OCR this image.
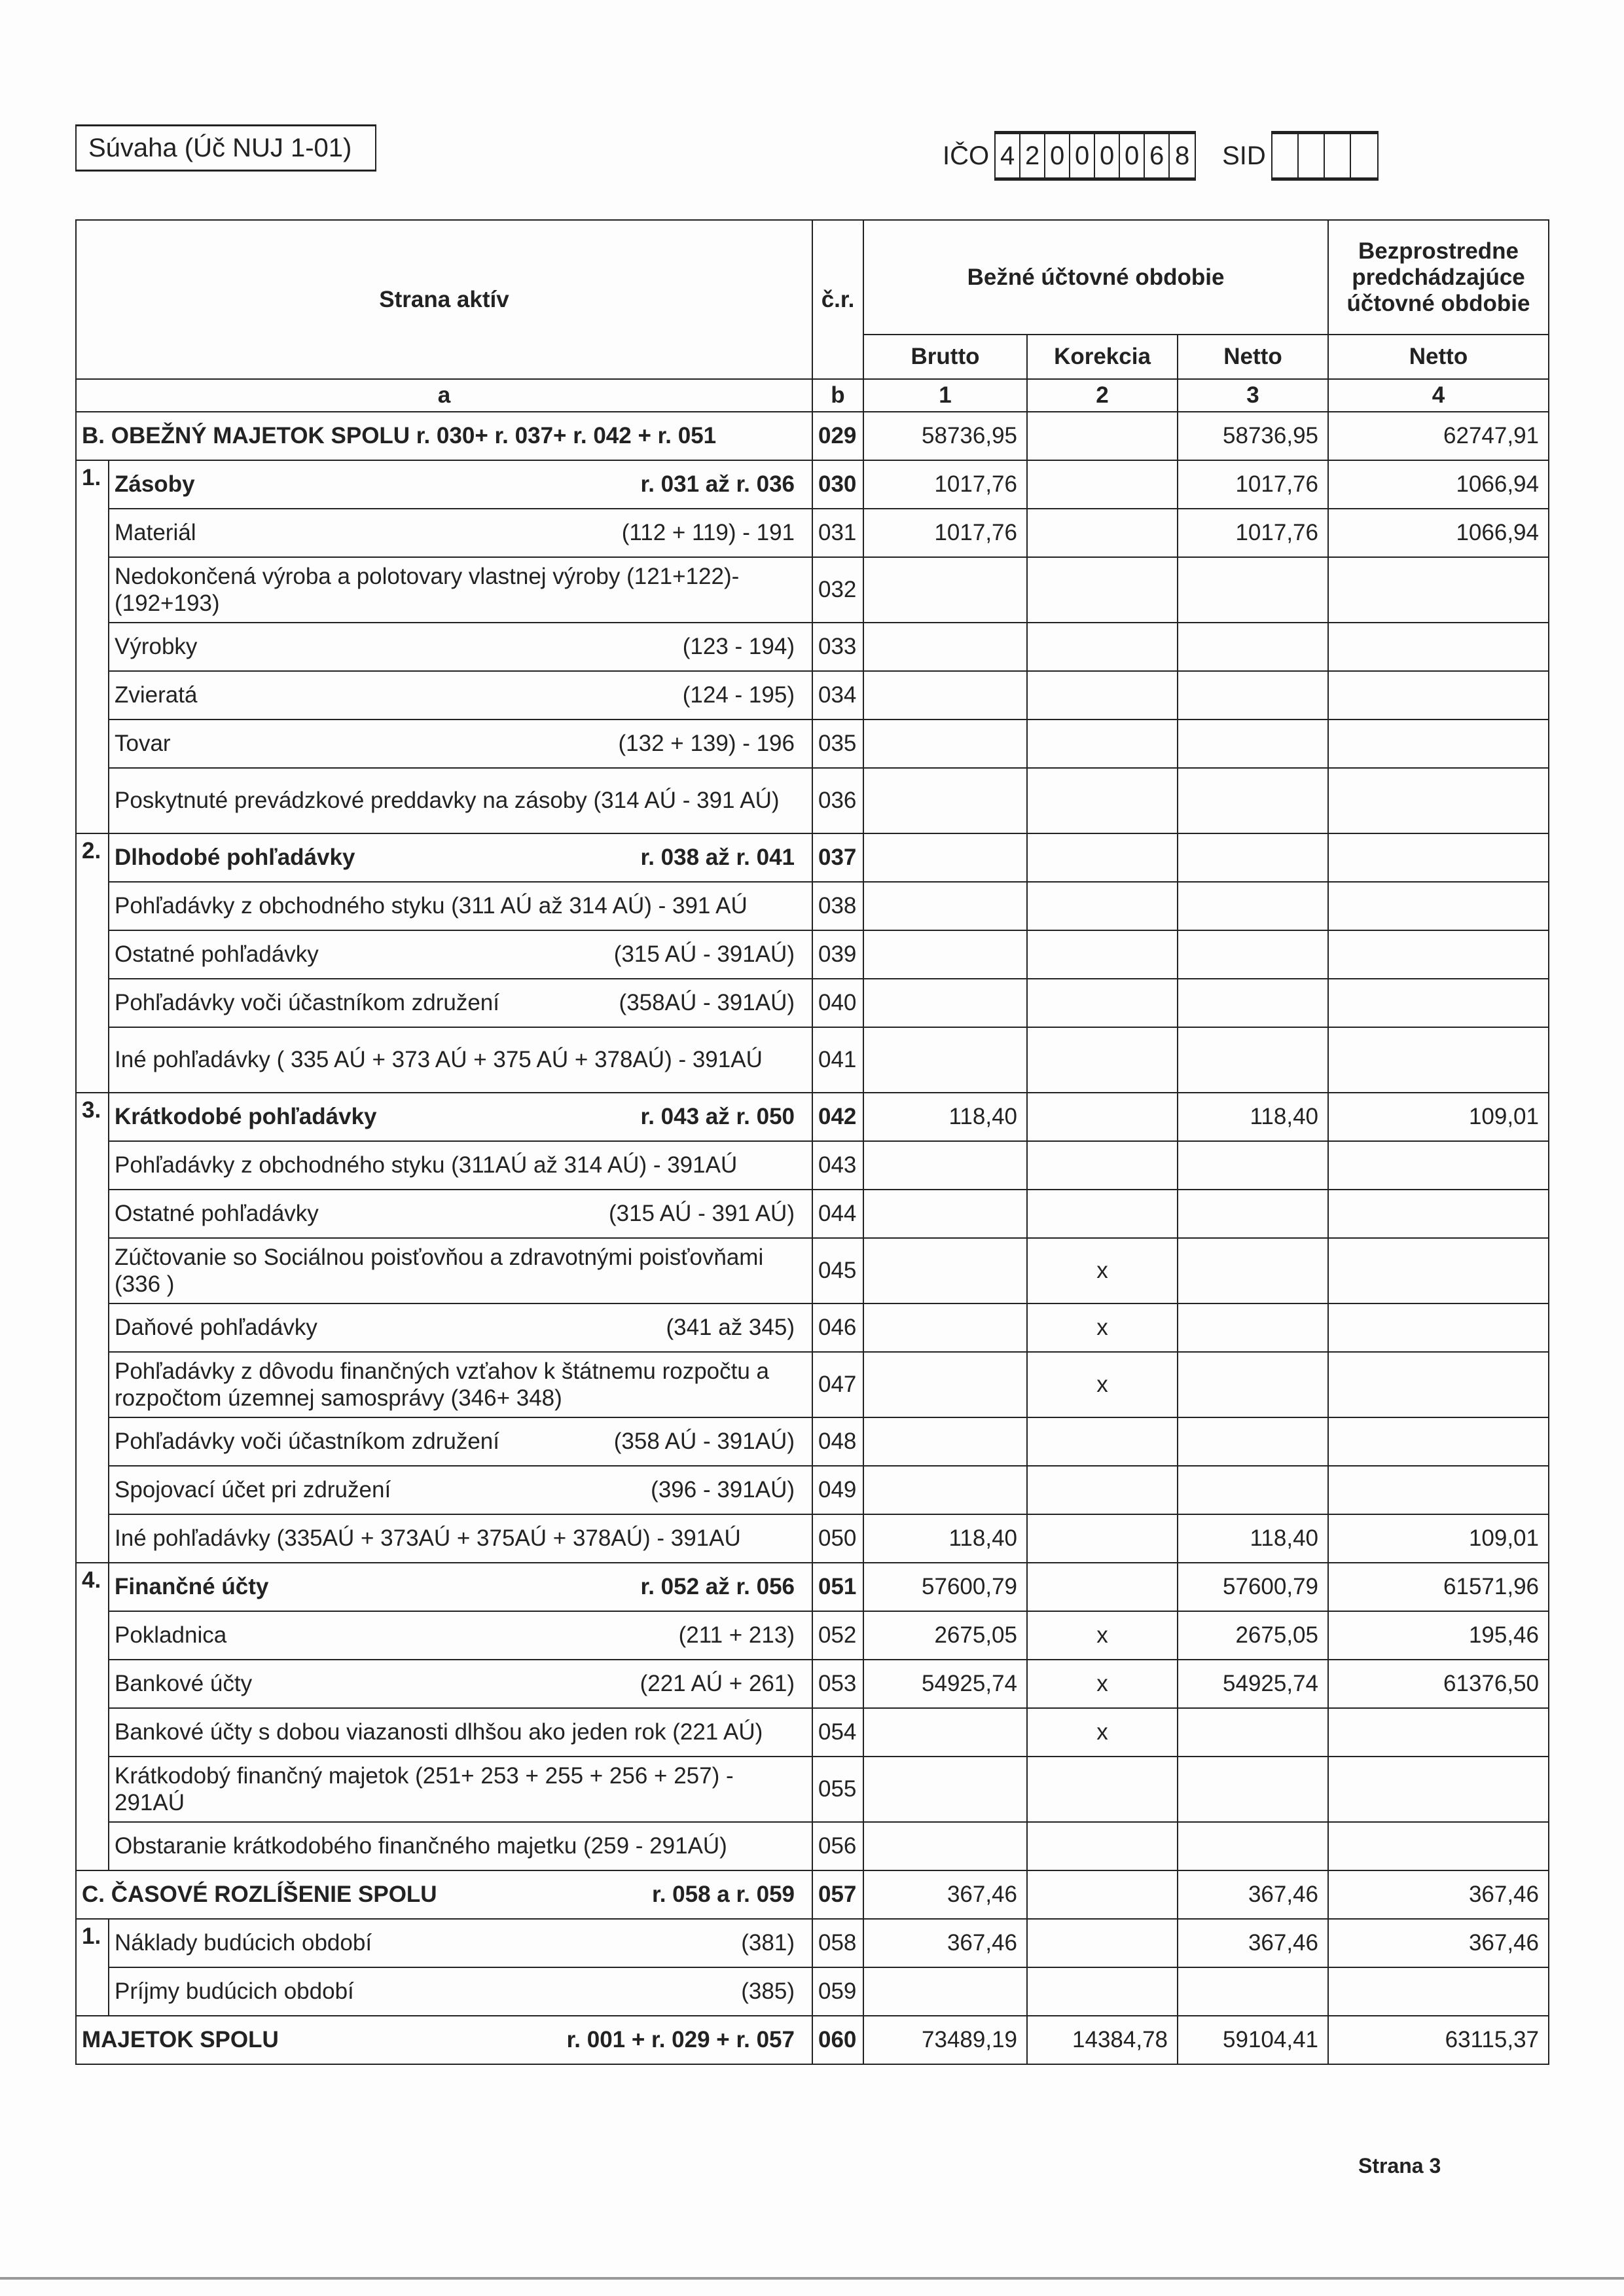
Súvaha (Úč NUJ 1-01)	IČO 4 2 0 0 0 0 6 8 SID
Strana aktív		č.r.	Bežné účtovné obdobie			Bezprostredne predchádzajúce účtovné obdobie
			Brutto	Korekcia	Netto	Netto
a		b	1	2	3	4

B. OBEŽNÝ MAJETOK SPOLU r. 030+ r. 037+ r. 042 + r. 051		029	58736,95		58736,95	62747,91
1.	Zásoby r. 031 až r. 036	030	1017,76		1017,76	1066,94

	Materiál (112 + 119) - 191	031	1017,76		1017,76	1066,94

	Nedokončená výroba a polotovary vlastnej výroby (121+122)-(192+193)	032				

	Výrobky (123 - 194)	033				

	Zvieratá (124 - 195)	034				

	Tovar (132 + 139) - 196	035				

	Poskytnuté prevádzkové preddavky na zásoby (314 AÚ - 391 AÚ)	036				
2.	Dlhodobé pohľadávky r. 038 až r. 041	037				

	Pohľadávky z obchodného styku (311 AÚ až 314 AÚ) - 391 AÚ	038				

	Ostatné pohľadávky (315 AÚ - 391AÚ)	039				

	Pohľadávky voči účastníkom združení (358AÚ - 391AÚ)	040				

	Iné pohľadávky ( 335 AÚ + 373 AÚ + 375 AÚ + 378AÚ) - 391AÚ	041				
3.	Krátkodobé pohľadávky r. 043 až r. 050	042	118,40		118,40	109,01

	Pohľadávky z obchodného styku (311AÚ až 314 AÚ) - 391AÚ	043				

	Ostatné pohľadávky (315 AÚ - 391 AÚ)	044				

	Zúčtovanie so Sociálnou poisťovňou a zdravotnými poisťovňami (336 )	045		x		

	Daňové pohľadávky (341 až 345)	046		x		

	Pohľadávky z dôvodu finančných vzťahov k štátnemu rozpočtu a rozpočtom územnej samosprávy (346+ 348)	047		x		

	Pohľadávky voči účastníkom združení (358 AÚ - 391AÚ)	048				

	Spojovací účet pri združení (396 - 391AÚ)	049				

	Iné pohľadávky (335AÚ + 373AÚ + 375AÚ + 378AÚ) - 391AÚ	050	118,40		118,40	109,01
4.	Finančné účty r. 052 až r. 056	051	57600,79		57600,79	61571,96

	Pokladnica (211 + 213)	052	2675,05	x	2675,05	195,46

	Bankové účty (221 AÚ + 261)	053	54925,74	x	54925,74	61376,50

	Bankové účty s dobou viazanosti dlhšou ako jeden rok (221 AÚ)	054		x		

	Krátkodobý finančný majetok (251+ 253 + 255 + 256 + 257) - 291AÚ	055				

	Obstaranie krátkodobého finančného majetku (259 - 291AÚ)	056				

C. ČASOVÉ ROZLÍŠENIE SPOLU r. 058 a r. 059		057	367,46		367,46	367,46
1.	Náklady budúcich období (381)	058	367,46		367,46	367,46

	Príjmy budúcich období (385)	059				

MAJETOK SPOLU r. 001 + r. 029 + r. 057		060	73489,19	14384,78	59104,41	63115,37
Strana 3
